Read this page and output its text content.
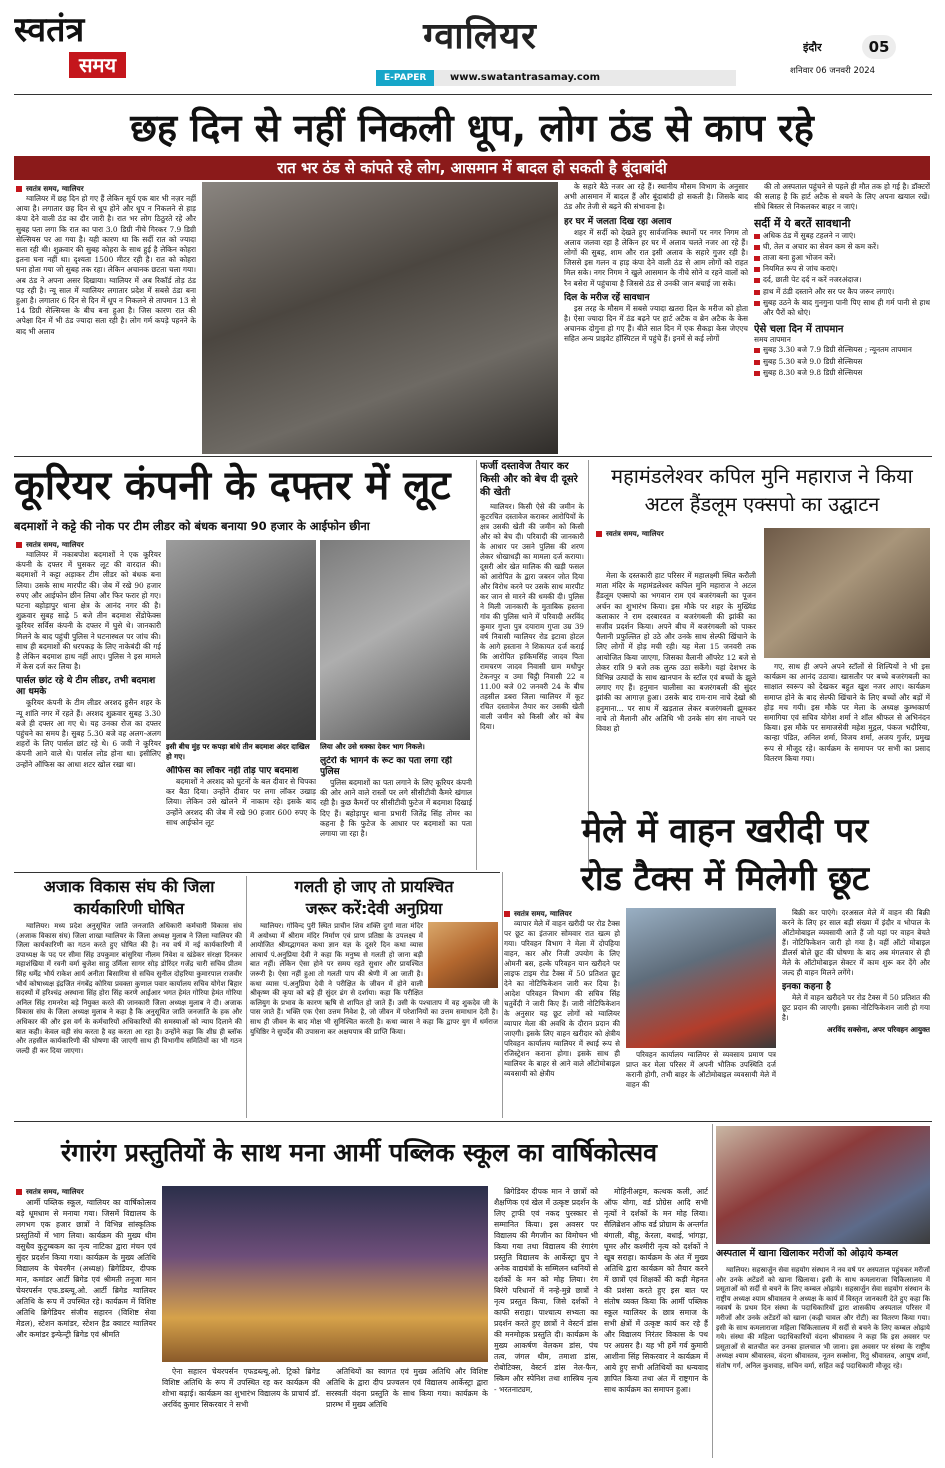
स्वतंत्र
समय
ग्वालियर
E-PAPER	www.swatantrasamay.com
इंदौर	05
शनिवार 06 जनवरी 2024
छह दिन से नहीं निकली धूप, लोग ठंड से काप रहे
रात भर ठंड से कांपते रहे लोग, आसमान में बादल हो सकती है बूंदाबांदी
स्वतंत्र समय, ग्वालियर

ग्वालियर में छह दिन हो गए हैं लेकिन सूर्य एक बार भी नज़र नहीं आया है। लगातार छह दिन से धूप होने और धूप न निकलने से हाड़ कंपा देने वाली ठंड का दौर जारी है। रात भर लोग ठिठुरते रहे और सुबह पता लगा कि रात का पारा 3.0 डिग्री नीचे गिरकर 7.9 डिग्री सेल्सियस पर आ गया है। यही कारण था कि सर्दी रात को ज्यादा सता रही थी। शुक्रवार की सुबह कोहरा के साथ हुई है लेकिन कोहरा इतना घना नहीं था। दृश्यता 1500 मीटर रही है। रात को कोहरा घना होता गया जो सुबह तक रहा। लेकिन अचानक छटता चला गया। अब ठंड ने अपना असर दिखाया। ग्वालियर में अब रिकॉर्ड तोड़ ठंड पड़ रही है। न्यू साल में ग्वालियर लगातार प्रदेश में सबसे ठंडा बना हुआ है। लगातार 6 दिन से दिन में धूप न निकलने से तापमान 13 से 14 डिग्री सेल्सियस के बीच बना हुआ है। जिस कारण रात की अपेक्षा दिन में भी ठंड ज्यादा सता रही है। लोग गर्म कपड़े पहनने के बाद भी अलाव

के सहारे बैठे नजर आ रहे हैं। स्थानीय मौसम विभाग के अनुसार अभी आसमान में बादल हैं और बूंदाबांदी हो सकती है। जिसके बाद ठंड और तेजी से बढ़ने की संभावना है।

हर घर में जलता दिख रहा अलाव

शहर में सर्दी को देखते हुए सार्वजनिक स्थानों पर नगर निगम तो अलाव जलवा रहा है लेकिन हर घर में अलाव चलते नजर आ रहे हैं। लोगों की सुबह, शाम और रात इसी अलाव के सहारे गुजर रही है। जिससे इस गलन व हाड़ कंपा देने वाली ठंड से आम लोगों को राहत मिल सके। नगर निगम ने खुले आसमान के नीचे सोने व रहने वालों को रैन बसेरा में पहुंचाया है जिससे ठंड से उनकी जान बचाई जा सके।

दिल के मरीज रहें सावधान

इस तरह के मौसम में सबसे ज्यादा खतरा दिल के मरीज को होता है। ऐसा ज्यादा दिन में ठंड बढ़ने पर हार्ट अटैक व ब्रेन अटैक के केस अचानक दोगुना हो गए हैं। बीते सात दिन में एक सैकड़ा केस जेएएच सहित अन्य प्राइवेट हॉस्पिटल में पहुंचे हैं। इनमें से कई लोगों

की तो अस्पताल पहुंचने से पहले ही मौत तक हो गई है। डॉक्टरों की सलाह है कि हार्ट अटैक से बचने के लिए अपना खयाल रखें। सीधे बिस्तर से निकलकर बाहर न जाएं।

सर्दी में ये बरतें सावधानी
अधिक ठंड में सुबह टहलने न जाएं।
घी, तेल व अचार का सेवन कम से कम करें।
ताजा बना हुआ भोजन करें।
नियमित रूप से जांच कराएं।
दर्द, छाती पेट दर्द न करें नजरअंदाज।
हाथ में ठंडी दस्ताने और सर पर कैप जरूर लगाएं।
सुबह उठने के बाद गुनगुना पानी पिए साथ ही गर्म पानी से हाथ और पैरों को धोएं।
ऐसे चला दिन में तापमान
समय तापमान
सुबह 3.30 बजे 7.9 डिग्री सेल्सियस ; न्यूनतम तापमान
सुबह 5.30 बजे 9.0 डिग्री सेल्सियस
सुबह 8.30 बजे 9.8 डिग्री सेल्सियस
कूरियर कंपनी के दफ्तर में लूट
बदमाशों ने कट्टे की नोक पर टीम लीडर को बंधक बनाया 90 हजार के आईफोन छीना
स्वतंत्र समय, ग्वालियर

ग्वालियर में नकाबपोश बदमाशों ने एक कूरियर कंपनी के दफ्तर में घुसकर लूट की वारदात की। बदमाशों ने कट्टा अड़ाकर टीम लीडर को बंधक बना लिया। उसके साथ मारपीट की। जेब में रखे 90 हजार रुपए और आईफोन छीन लिया और फिर फरार हो गए। घटना बहोड़ापुर थाना क्षेत्र के आनंद नगर की है। शुक्रवार सुबह साढ़े 5 बजे तीन बदमाश सेंडोफेक्स कूरियर सर्विस कंपनी के दफ्तर में घुसे थे। जानकारी मिलने के बाद पहुंची पुलिस ने घटनास्थल पर जांच की। साथ ही बदमाशों की धरपकड़ के लिए नाकेबंदी की गई है लेकिन बदमाश हाथ नहीं आए। पुलिस ने इस मामले में केस दर्ज कर लिया है।

पार्सल छांट रहे थे टीम लीडर, तभी बदमाश आ धमके

कूरियर कंपनी के टीम लीडर अरशद हुसैन शहर के न्यू शांति नगर में रहते हैं। अरशद शुक्रवार सुबह 3.30 बजे ही दफ्तर आ गए थे। यह उनका रोज का दफ्तर पहुंचने का समय है। सुबह 5.30 बजे वह अलग-अलग शहरों के लिए पार्सल छांट रहे थे। 6 जवी ने कूरियर कंपनी आने वाले थे। पार्सल लोड होना था। इसीलिए उन्होंने ऑफिस का आधा शटर खोल रखा था।

इसी बीच मुंह पर कपड़ा बांधे तीन बदमाश अंदर दाखिल हो गए।
लिया और उसे धक्का देकर भाग निकले।
ऑफिस का लॉकर नहीं तोड़ पाए बदमाश

बदमाशों ने अरशद को घुटनों के बल दीवार से चिपका कर बैठा दिया। उन्होंने दीवार पर लगा लॉकर उखाड़ लिया। लेकिन उसे खोलने में नाकाम रहे। इसके बाद उन्होंने अरशद की जेब में रखे 90 हजार 600 रुपए के साथ आईफोन लूट

लुटेरों के भागने के रूट का पता लगा रही पुलिस

पुलिस बदमाशों का पता लगाने के लिए कूरियर कंपनी की ओर आने वाले रास्तों पर लगे सीसीटीवी कैमरे खंगाल रही है। कुछ कैमरों पर सीसीटीवी फुटेज में बदमाश दिखाई दिए हैं। बहोड़ापुर थाना प्रभारी जितेंद्र सिंह तोमर का कहना है कि फुटेज के आधार पर बदमाशों का पता लगाया जा रहा है।

फर्जी दस्तावेज तैयार कर किसी और को बेच दी दूसरे की खेती

ग्वालियर। किसी ऐसे की जमीन के कूटरचित दस्तावेज कराकर आरोपियों के क्षत्र उसकी खेती की जमीन को किसी और को बेच दी। परिवादी की जानकारी के आधार पर उसने पुलिस की शरण लेकर धोखाधड़ी का मामला दर्ज कराया। दूसरी ओर खेत मालिक की खड़ी फसल को आरोपित के द्वारा जबरन जोत दिया और विरोध करने पर उसके साथ मारपीट कर जान से मारने की धमकी दी। पुलिस ने मिली जानकारी के मुताबिक हस्तना गांव की पुलिस थाने में परिवादी अरविंद कुमार गुप्ता पुत्र दयाराम गुप्ता उम्र 39 वर्ष निवासी ग्वालियर रोड इटावा होटल के आगे हस्ताना ने शिकायत दर्ज कराई कि आरोपित हाकिमसिंह जादव पिता रामचरण जादव निवासी ग्राम मधौपुर टेकनपुर व उमा चिट्ठी निवासी 22 व 11.00 बजे 02 जनवरी 24 के बीच तहसील डबरा जिला ग्वालियर में कूट रचित दस्तावेज तैयार कर उसकी खेती वाली जमीन को किसी और को बेच दिया।

महामंडलेश्वर कपिल मुनि महाराज ने किया अटल हैंडलूम एक्सपो का उद्घाटन
स्वतंत्र समय, ग्वालियर

मेला के दस्तकारी हाट परिसर में महालक्ष्मी स्थित करौली माता मंदिर के महामंडलेश्वर कपिल मुनि महाराज ने अटल हैंडलूम एक्सपो का भगवान राम एवं बजरंगबली का पूजन अर्चन का शुभारंभ किया। इस मौके पर शहर के मुख्यिंड कलाकार ने राम दरबारवत व बजरंगबली की झांकी का सजीव प्रदर्शन किया। अपने बीच में बजरंगबली को पाकर पैलानी प्रफुल्लित हो उठे और उनके साथ सेल्फी खिंचाने के लिए लोगों में होड़ मची रही। यह मेला 15 जनवरी तक आयोजित किया जाएगा, जिसका वैलानी ऑपरेट 12 बजे से लेकर रात्रि 9 बजे तक लुत्फ उठा सकेंगे। यहां देशभर के विभिन्न उत्पादों के साथ खानपान के स्टॉल एवं बच्चों के झूले लगाए गए हैं। हनुमान चालीसा का बजरंगबली की सुंदर झांकी का आगाज़ हुआ। उसके बाद राम-राम नाचे देखो श्री हनुमाना... पर साथ में खड़ताल लेकर बजरंगबली झूमकर नाचे तो मैलानी और अतिथि भी उनके संग संग नाचने पर विवश हो

गए, साथ ही अपने अपने स्टॉलों से शिल्पियों ने भी इस कार्यक्रम का आनंद उठाया। खासतौर पर बच्चे बजरंगबली का साक्षात स्वरूप को देखकर बहुत खुश नजर आए। कार्यक्रम समाप्त होने के बाद सेल्फी खिंचाने के लिए बच्चों और बड़ों में होड़ मच गयी। इस मौके पर मेला के अध्यक्ष कुम्भकार्ण समागिया एवं सचिव योगेश शर्मा ने शॉल श्रीफल से अभिनंदन किया। इस मौके पर समाजसेवी महेश मुद्गल, पंकज भदौरिया, कान्हा पंडित, अनिल शर्मा, विजय शर्मा, अजय गुर्जर, प्रमुख रूप से मौजूद रहे। कार्यक्रम के समापन पर सभी का प्रसाद वितरण किया गया।

मेले में वाहन खरीदी पर
रोड टैक्स में मिलेगी छूट
स्वतंत्र समय, ग्वालियर

व्यापार मेले में वाहन खरीदी पर रोड टैक्स पर छूट का इंतजार सोमवार रात खत्म हो गया। परिवहन विभाग ने मेला में दोपहिया वाहन, कार और निजी उपयोग के लिए ओमनी बस, हल्के परिवहन यान खरीदने पर लाइफ टाइम रोड टैक्स में 50 प्रतिशत छूट देने का नोटिफिकेशन जारी कर दिया है। आदेश परिवहन विभाग की सचिव सिंह चतुर्वेदी ने जारी किए हैं। जारी नोटिफिकेशन के अनुसार यह छूट लोगों को ग्वालियर व्यापार मेला की अवधि के दौरान प्रदान की जाएगी। इसके लिए वाहन खरीदार को क्षेत्रीय परिवहन कार्यालय ग्वालियर में स्थाई रूप से रजिस्ट्रेशन कराना होगा। इसके साथ ही ग्वालियर के बाहर से आने वाले ऑटोमोबाइल व्यवसायी को क्षेत्रीय

परिवहन कार्यालय ग्वालियर से व्यवसाय प्रमाण पत्र प्राप्त कर मेला परिसर में अपनी भौतिक उपस्थिति दर्ज करानी होगी, तभी बाहर के ऑटोमोबाइल व्यवसायी मेले में वाहन की

बिक्री कर पाएंगे। दरअसल मेले में वाहन की बिक्री करने के लिए हर साल बड़ी संख्या में इंदौर व भोपाल के ऑटोमोबाइल व्यवसायी आते हैं जो यहां पर वाहन बेचते हैं। नोटिफिकेशन जारी हो गया है। वहीं ऑटो मोबाइल डीलर्स बोले छूट की घोषणा के बाद अब मंगलवार से ही मेले के ऑटोमोबाइल सेक्टर में काम शुरू कर देंगे और जल्द ही वाहन मिलने लगेंगे।

इनका कहना है

मेले में वाहन खरीदने पर रोड टैक्स में 50 प्रतिशत की छूट प्रदान की जाएगी। इसका नोटिफिकेशन जारी हो गया है।

अरविंद सक्सेना, अपर परिवहन आयुक्त
अजाक विकास संघ की जिला कार्यकारिणी घोषित

ग्वालियर। मध्य प्रदेश अनुसूचित जाति जनजाति अधिकारी कर्मचारी विकास संघ (अजाक विकास संघ) जिला शाखा ग्वालियर के जिला अध्यक्ष मुलाब ने जिला ग्वालियर की जिला कार्यकारिणी का गठन करते हुए घोषित की है। नव वर्ष में नई कार्यकारिणी में उपाध्यक्ष के पद पर सीमा सिंह उपकुमार बांसुरिया नीलम निवेश व खंडेकर संरक्षा दिनकर महाशंखिया में रवनी वर्मा बुजेश साहु उर्मिला सागर सोड़ डोरिंदर गजेंद्र चारी सचिव प्रीतम सिंह धर्मेंद्र भौर्य राकेश आर्य अनीता बिसारिया से सचिव सुनील दोहरिया कुमारपाल राजवीर भौर्य कोषाध्यक्ष इंद्रजित नंगबेंद्र कोरिया प्रवक्ता कुणाल पवार कार्यालय सचिव योगेश बिहार सदस्यों में हरिश्चंद्र अस्थाना सिंह होरा सिंह करणे आईआर भगत हेमंत गोरिया हेमंत गोरिया अनिल सिंह रामनरेश बड़े नियुक्त करते की जानकारी जिला अध्यक्ष मुलाब ने दी। अजाक विकास संघ के जिला अध्यक्ष मुलाब ने कहा है कि अनुसूचित जाति जनजाति के हक और अधिकार की और इस वर्ग के कर्मचारियों अधिकारियों की समस्याओं को न्याय दिलाने की बात कही। केवल वही संघ करता है वह करता आ रहा है। उन्होंने कहा कि शीघ्र ही ब्लॉक और तहसील कार्यकारिणी की घोषणा की जाएगी साथ ही विभागीय समितियों का भी गठन जल्दी ही कर दिया जाएगा।

गलती हो जाए तो प्रायश्चित
जरूर करें:देवी अनुप्रिया

ग्वालियर। गोविन्द पुरी स्थित प्राचीन शिव शक्ति दुर्गा माता मंदिर में अयोध्या में श्रीराम मंदिर निर्माण एवं प्राण प्रतिष्ठा के उपलक्ष्य में आयोजित श्रीमद्भागवत कथा ज्ञान यज्ञ के दूसरे दिन कथा व्यास आचार्य पं.अनुप्रिया देवी ने कहा कि मनुष्य से गलती हो जाना बड़ी बात नहीं। लेकिन ऐसा होने पर समय रहते सुधार और प्रायश्चित जरूरी है। ऐसा नहीं हुआ तो गलती पाप की श्रेणी में आ जाती है। कथा व्यास पं.अनुप्रिया देवी ने परीक्षित के जीवन में होने वाली श्रीकृष्ण की कृपा को बड़े ही सुंदर ढंग से दर्शाया। कहा कि परीक्षित कलियुग के प्रभाव के कारण ऋषि से शापित हो जाते हैं। उसी के पश्चाताप में वह शुकदेव जी के पास जाते हैं। भक्ति एक ऐसा उत्तम निवेश है, जो जीवन में परेशानियों का उत्तम समाधान देती है। साथ ही जीवन के बाद मोक्ष भी सुनिश्चित करती है। कथा व्यास ने कहा कि द्वापर युग में धर्मराज युधिष्ठिर ने सुपर्देव की उपासना कर अक्षयपात्र की प्राप्ति किया।

रंगारंग प्रस्तुतियों के साथ मना आर्मी पब्लिक स्कूल का वार्षिकोत्सव
स्वतंत्र समय, ग्वालियर

आर्मी पब्लिक स्कूल, ग्वालियर का वार्षिकोत्सव बड़े धूमधाम से मनाया गया। जिसमें विद्यालय के लगभग एक हजार छात्रों ने विभिन्न सांस्कृतिक प्रस्तुतियों में भाग लिया। कार्यक्रम की मुख्य थीम वसुधैव कुटुम्बकम का नृत्य नाटिका द्वारा मंचन एवं सुंदर प्रदर्शन किया गया। कार्यक्रम के मुख्य अतिथि विद्यालय के चेयरमैन (अध्यक्ष) ब्रिगेडियर, दीपक मान, कमांडर आर्टी ब्रिगेड एवं श्रीमती तनूजा मान चेयरपर्सन एफ.डब्ल्यू.ओ. आर्टी ब्रिगेड ग्वालियर अतिथि के रूप में उपस्थित रहे। कार्यक्रम में विशिष्ट अतिथि ब्रिगेडियर संजीव सहारन (विशिष्ट सेवा मेडल), स्टेशन कमांडर, स्टेशन हैड क्वाटर ग्वालियर और कमांडर इन्फेन्ट्री ब्रिगेड एवं श्रीमति

ऐना सहारन चेयरपर्सन एफडब्ल्यू.ओ. ट्रिको ब्रिगेड विशिष्ट अतिथि के रूप में उपस्थित रह कर कार्यक्रम की शोभा बढ़ाई। कार्यक्रम का शुभारंभ विद्यालय के प्राचार्य डॉ. अरविंद कुमार सिकरवार ने सभी

अतिथियों का स्वागत एवं मुख्य अतिथि और विशिष्ट अतिथि के द्वारा दीप प्रज्वलन एवं विद्यालय आर्केस्ट्रा द्वारा सरस्वती वंदना प्रस्तुति के साथ किया गया। कार्यक्रम के प्रारम्भ में मुख्य अतिथि

ब्रिगेडियर दीपक मान ने छात्रों को शैक्षणिक एवं खेल में उत्कृष्ट प्रदर्शन के लिए ट्राफी एवं नकद पुरस्कार से सम्मानित किया। इस अवसर पर विद्यालय की मैगजीन का विमोचन भी किया गया तथा विद्यालय की रंगारंग प्रस्तुति विद्यालय के आर्केस्ट्रा ग्रुप ने अनेक वाद्ययंत्रों के सम्मिलन ध्वनियों से दर्शकों के मन को मोह लिया। रंग बिरंगे परिधानों में नन्हे-मुन्ने छात्रों ने नृत्य प्रस्तुत किया, जिसे दर्शकों ने काफी सराहा। पाश्चात्य सभ्यता का प्रदर्शन करते हुए छात्रों ने वेस्टर्न डांस की मनमोहक प्रस्तुति दी। कार्यक्रम के मुख्य आकर्षण वेलकम डांस, पंच तत्व, जंगल थीम, तमाशा डांस, रोबोटिक्स, वेस्टर्न डांस नेल-फैन, स्किम और स्पेनिश तथा शास्त्रिय नृत्य - भरतनाट्यम,

मोहिनीअट्टम, कत्थक कली, आर्ट ऑफ योगा, वर्ड प्रोग्रेस आदि सभी नृत्यों ने दर्शकों के मन मोह लिया। सैलिब्रेशन ऑफ वर्ड प्रोग्राम के अन्तर्गत बंगाली, बीहू, केरला, बधाई, भांगड़ा, घूमर और कश्मीरी नृत्य को दर्शकों ने खूब सराहा। कार्यक्रम के अंत में मुख्य अतिथि द्वारा कार्यक्रम को तैयार करने में छात्रों एवं शिक्षकों की कड़ी मेहनत की प्रशंसा करते हुए इस बात पर संतोष व्यक्त किया कि आर्मी पब्लिक स्कूल ग्वालियर के छात्र समाज के सभी क्षेत्रों में उत्कृष्ट कार्य कर रहे हैं और विद्यालय निरंतर विकास के पथ पर अग्रसर है। यह भी हमें गर्व कुमारी आशीना सिंह सिकरवार ने कार्यक्रम में आये हुए सभी अतिथियों का धन्यवाद ज्ञापित किया तथा अंत में राष्ट्रगान के साथ कार्यक्रम का समापन हुआ।

अस्पताल में खाना खिलाकर मरीजों को ओढ़ाये कम्बल

ग्वालियर। सहस्रार्जुन सेवा सहयोग संस्थान ने नव वर्ष पर अस्पताल पहुंचकर मरीजों और उनके अटेंडरों को खाना खिलाया। इसी के साथ कमलाराजा चिकित्सालय में प्रसूताओं को सर्दी से बचने के लिए कम्बल ओढ़ाये। सहस्रार्जुन सेवा सहयोग संस्थान के राष्ट्रीय अध्यक्ष श्याम श्रीवास्तव ने अध्यक्ष के कार्य में विस्तृत जानकारी देते हुए कहा कि नववर्ष के प्रथम दिन संस्था के पदाधिकारियों द्वारा शासकीय अस्पताल परिसर में मरीजों और उनके अटेंडरों को खाना (कढ़ी चावल और रोटी) का वितरण किया गया। इसी के साथ कमलाराजा महिला चिकित्सालय में सर्दी से बचने के लिए कम्बल ओढ़ाये गये। संस्था की महिला पदाधिकारियों वंदना श्रीवास्तव ने कहा कि इस अवसर पर प्रसूताओं से बातचीत कर उनका हालचाल भी जाना। इस अवसर पर संस्था के राष्ट्रीय अध्यक्ष श्याम श्रीवास्तव, वंदना श्रीवास्तव, नूतन सक्सेना, रितु श्रीवास्तव, आयुष शर्मा, संतोष गर्ग, अनिल कुशवाह, सचिन वर्मा, सहित कई पदाधिकारी मौजूद रहे।
